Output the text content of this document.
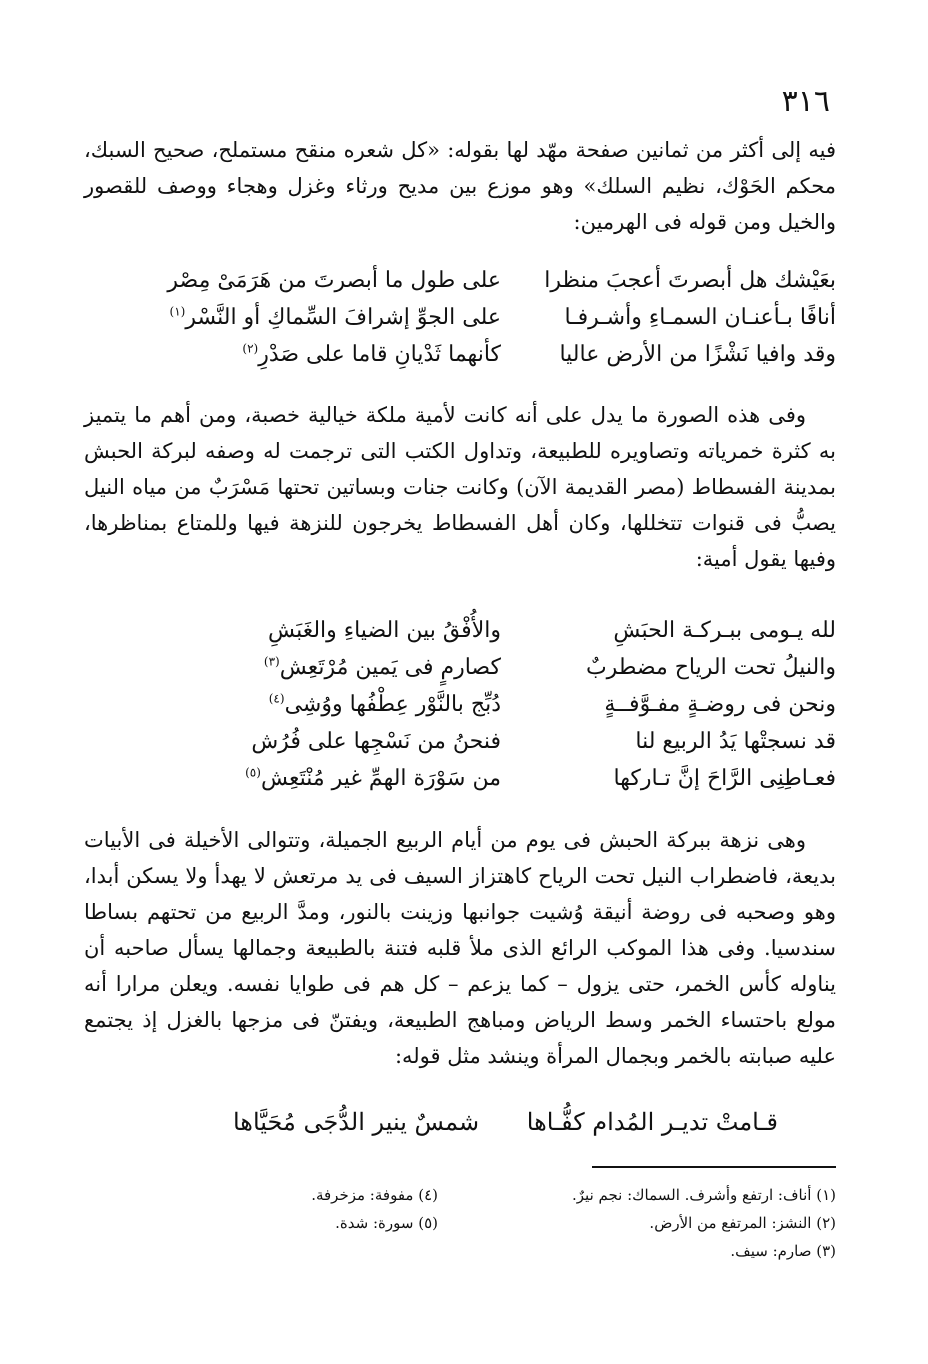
٣١٦

فيه إلى أكثر من ثمانين صفحة مهّد لها بقوله: «كل شعره منقح مستملح، صحيح السبك، محكم الحَوْك، نظيم السلك» وهو موزع بين مديح ورثاء وغزل وهجاء ووصف للقصور والخيل ومن قوله فى الهرمين:

بعَيْشك هل أبصرتَ أعجبَ منظرا
على طول ما أبصرتَ من هَرَمَىْ مِصْر
أنافًا بـأعنـان السمـاءِ وأشـرفـا
على الجوِّ إشرافَ السِّماكِ أو النَّسْر$^{(١)}$
وقد وافيا نَشْزًا من الأرض عاليا
كأنهما ثَدْيانِ قاما على صَدْرِ$^{(٢)}$

وفى هذه الصورة ما يدل على أنه كانت لأمية ملكة خيالية خصبة، ومن أهم ما يتميز به كثرة خمرياته وتصاويره للطبيعة، وتداول الكتب التى ترجمت له وصفه لبركة الحبش بمدينة الفسطاط (مصر القديمة الآن) وكانت جنات وبساتين تحتها مَسْرَبٌ من مياه النيل يصبُّ فى قنوات تتخللها، وكان أهل الفسطاط يخرجون للنزهة فيها وللمتاع بمناظرها، وفيها يقول أمية:

لله يـومى ببـركـة الحبَشِ
والأُفْقُ بين الضياءِ والغَبَشِ
والنيلُ تحت الرياح مضطربٌ
كصارمٍ فى يَمين مُرْتَعِش$^{(٣)}$
ونحن فى روضـةٍ مفـوَّفــةٍ
دُبِّج بالنَّوْر عِطْفُها ووُشِى$^{(٤)}$
قد نسجتْها يَدُ الربيع لنا
فنحنُ من نَسْجِها على فُرُش
فعـاطِنِى الرَّاحَ إنَّ تـاركها
من سَوْرَة الهمِّ غير مُنْتَعِش$^{(٥)}$

وهى نزهة ببركة الحبش فى يوم من أيام الربيع الجميلة، وتتوالى الأخيلة فى الأبيات بديعة، فاضطراب النيل تحت الرياح كاهتزاز السيف فى يد مرتعش لا يهدأ ولا يسكن أبدا، وهو وصحبه فى روضة أنيقة وُشيت جوانبها وزينت بالنور، ومدَّ الربيع من تحتهم بساطا سندسيا. وفى هذا الموكب الرائع الذى ملأ قلبه فتنة بالطبيعة وجمالها يسأل صاحبه أن يناوله كأس الخمر، حتى يزول – كما يزعم – كل هم فى طوايا نفسه. ويعلن مرارا أنه مولع باحتساء الخمر وسط الرياض ومباهج الطبيعة، ويفتنّ فى مزجها بالغزل إذ يجتمع عليه صبابته بالخمر وبجمال المرأة وينشد مثل قوله:

قـامتْ تديـر المُدام كفُّـاها شمسٌ ينير الدُّجَى مُحَيَّاها
(١) أناف: ارتفع وأشرف. السماك: نجم نيرٌ.
(٢) النشز: المرتفع من الأرض.
(٣) صارم: سيف.
(٤) مفوفة: مزخرفة.
(٥) سورة: شدة.
